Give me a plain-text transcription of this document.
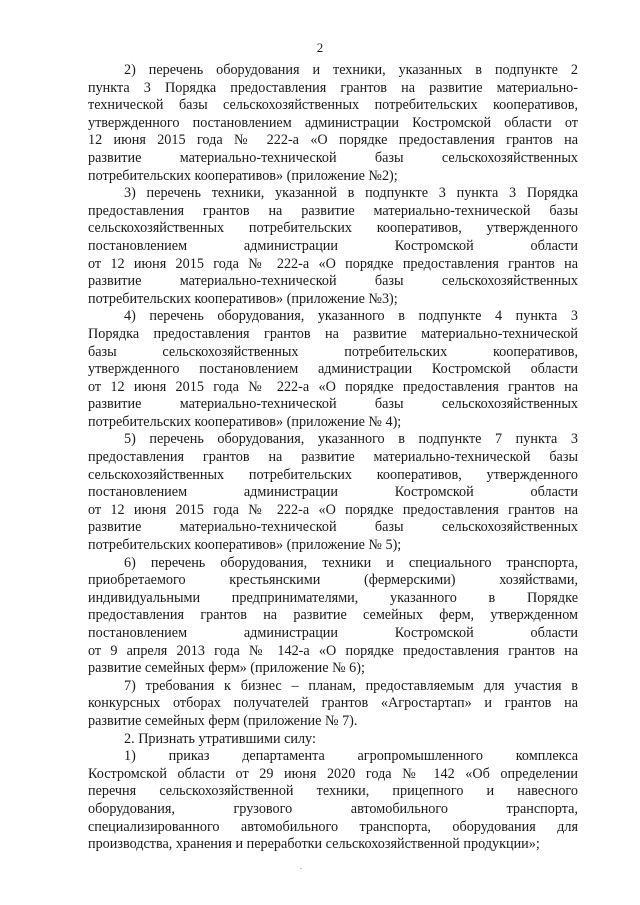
2
2) перечень оборудования и техники, указанных в подпункте 2
пункта 3 Порядка предоставления грантов на развитие материально-
технической базы сельскохозяйственных потребительских кооперативов,
утвержденного постановлением администрации Костромской области от
12 июня 2015 года № 222-а «О порядке предоставления грантов на
развитие материально-технической базы сельскохозяйственных
потребительских кооперативов» (приложение №2);
3) перечень техники, указанной в подпункте 3 пункта 3 Порядка
предоставления грантов на развитие материально-технической базы
сельскохозяйственных потребительских кооперативов, утвержденного
постановлением администрации Костромской области
от 12 июня 2015 года № 222-а «О порядке предоставления грантов на
развитие материально-технической базы сельскохозяйственных
потребительских кооперативов» (приложение №3);
4) перечень оборудования, указанного в подпункте 4 пункта 3
Порядка предоставления грантов на развитие материально-технической
базы сельскохозяйственных потребительских кооперативов,
утвержденного постановлением администрации Костромской области
от 12 июня 2015 года № 222-а «О порядке предоставления грантов на
развитие материально-технической базы сельскохозяйственных
потребительских кооперативов» (приложение № 4);
5) перечень оборудования, указанного в подпункте 7 пункта 3
предоставления грантов на развитие материально-технической базы
сельскохозяйственных потребительских кооперативов, утвержденного
постановлением администрации Костромской области
от 12 июня 2015 года № 222-а «О порядке предоставления грантов на
развитие материально-технической базы сельскохозяйственных
потребительских кооперативов» (приложение № 5);
6) перечень оборудования, техники и специального транспорта,
приобретаемого крестьянскими (фермерскими) хозяйствами,
индивидуальными предпринимателями, указанного в Порядке
предоставления грантов на развитие семейных ферм, утвержденном
постановлением администрации Костромской области
от 9 апреля 2013 года № 142-а «О порядке предоставления грантов на
развитие семейных ферм» (приложение № 6);
7) требования к бизнес – планам, предоставляемым для участия в
конкурсных отборах получателей грантов «Агростартап» и грантов на
развитие семейных ферм (приложение № 7).
2. Признать утратившими силу:
1) приказ департамента агропромышленного комплекса
Костромской области от 29 июня 2020 года № 142 «Об определении
перечня сельскохозяйственной техники, прицепного и навесного
оборудования, грузового автомобильного транспорта,
специализированного автомобильного транспорта, оборудования для
производства, хранения и переработки сельскохозяйственной продукции»;
